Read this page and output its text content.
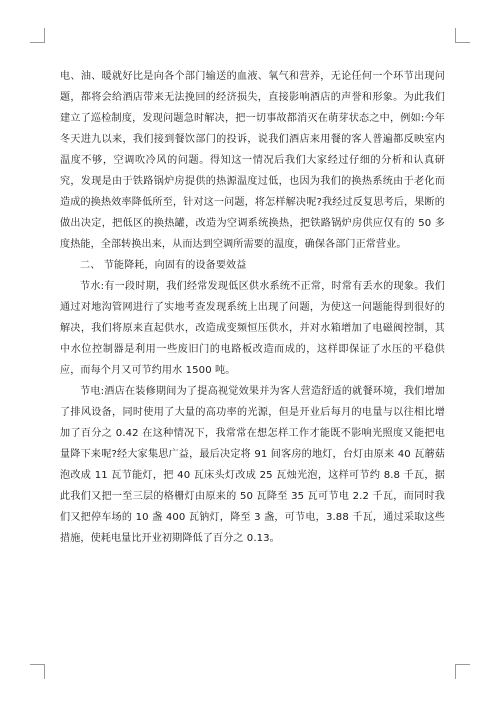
电、油、暖就好比是向各个部门输送的血液、氧气和营养，无论任何一个环节出现问题，都将会给酒店带来无法挽回的经济损失，直接影响酒店的声誉和形象。为此我们建立了巡检制度，发现问题急时解决，把一切事故都消灭在萌芽状态之中，例如:今年冬天进九以来，我们接到餐饮部门的投诉，说我们酒店来用餐的客人普遍都反映室内温度不够，空调吹冷风的问题。得知这一情况后我们大家经过仔细的分析和认真研究，发现是由于铁路锅炉房提供的热源温度过低，也因为我们的换热系统由于老化而造成的换热效率降低所至，针对这一问题，将怎样解决呢?我经过反复思考后，果断的做出决定，把低区的换热罐，改造为空调系统换热，把铁路锅炉房供应仅有的 50 多度热能，全部转换出来，从而达到空调所需要的温度，确保各部门正常营业。

二、 节能降耗，向固有的设备要效益

节水:有一段时期，我们经常发现低区供水系统不正常，时常有丢水的现象。我们通过对地沟管网进行了实地考查发现系统上出现了问题，为使这一问题能得到很好的解决，我们将原来直起供水，改造成变频恒压供水，并对水箱增加了电磁阀控制，其中水位控制器是利用一些废旧门的电路板改造而成的，这样即保证了水压的平稳供应，而每个月又可节约用水 1500 吨。

节电:酒店在装修期间为了提高视觉效果并为客人营造舒适的就餐环境，我们增加了排风设备，同时使用了大量的高功率的光源，但是开业后每月的电量与以往相比增加了百分之 0.42 在这种情况下，我常常在想怎样工作才能既不影响光照度又能把电量降下来呢?经大家集思广益，最后决定将 91 间客房的地灯，台灯由原来 40 瓦蘑菇泡改成 11 瓦节能灯，把 40 瓦床头灯改成 25 瓦烛光泡，这样可节约 8.8 千瓦，据此我们又把一至三层的格栅灯由原来的 50 瓦降至 35 瓦可节电 2.2 千瓦，而同时我们又把停车场的 10 盏 400 瓦钠灯，降至 3 盏，可节电，3.88 千瓦，通过采取这些措施，使耗电量比开业初期降低了百分之 0.13。
